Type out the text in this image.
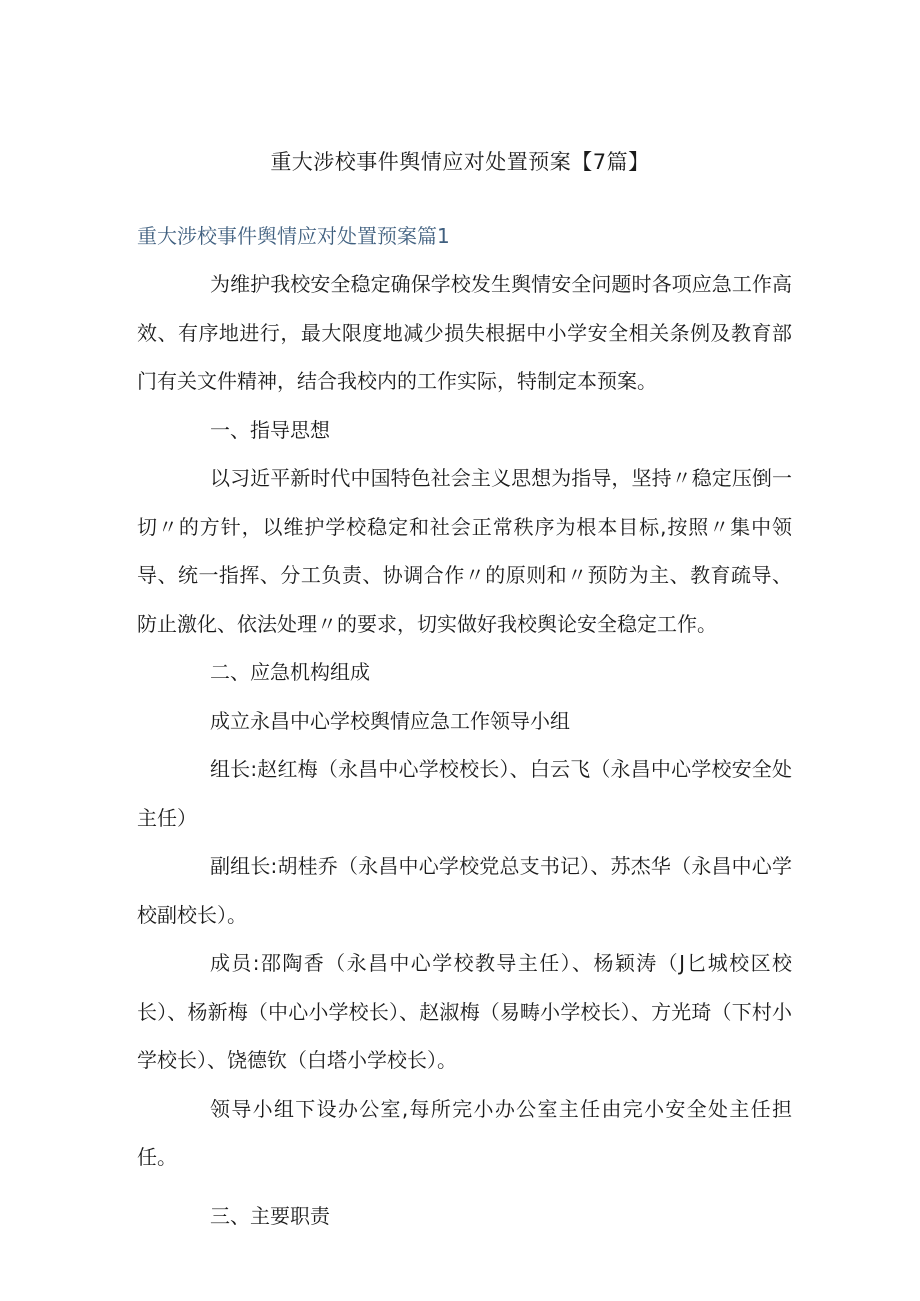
重大涉校事件舆情应对处置预案【7篇】
重大涉校事件舆情应对处置预案篇1

为维护我校安全稳定确保学校发生舆情安全问题时各项应急工作高效、有序地进行，最大限度地减少损失根据中小学安全相关条例及教育部门有关文件精神，结合我校内的工作实际，特制定本预案。

一、指导思想

以习近平新时代中国特色社会主义思想为指导，坚持〃稳定压倒一切〃的方针，以维护学校稳定和社会正常秩序为根本目标,按照〃集中领导、统一指挥、分工负责、协调合作〃的原则和〃预防为主、教育疏导、防止激化、依法处理〃的要求，切实做好我校舆论安全稳定工作。

二、应急机构组成

成立永昌中心学校舆情应急工作领导小组

组长:赵红梅（永昌中心学校校长）、白云飞（永昌中心学校安全处主任）

副组长:胡桂乔（永昌中心学校党总支书记）、苏杰华（永昌中心学校副校长）。

成员:邵陶香（永昌中心学校教导主任）、杨颖涛（J匕城校区校长）、杨新梅（中心小学校长）、赵淑梅（易畴小学校长）、方光琦（下村小学校长）、饶德钦（白塔小学校长）。

领导小组下设办公室,每所完小办公室主任由完小安全处主任担任。

三、主要职责
